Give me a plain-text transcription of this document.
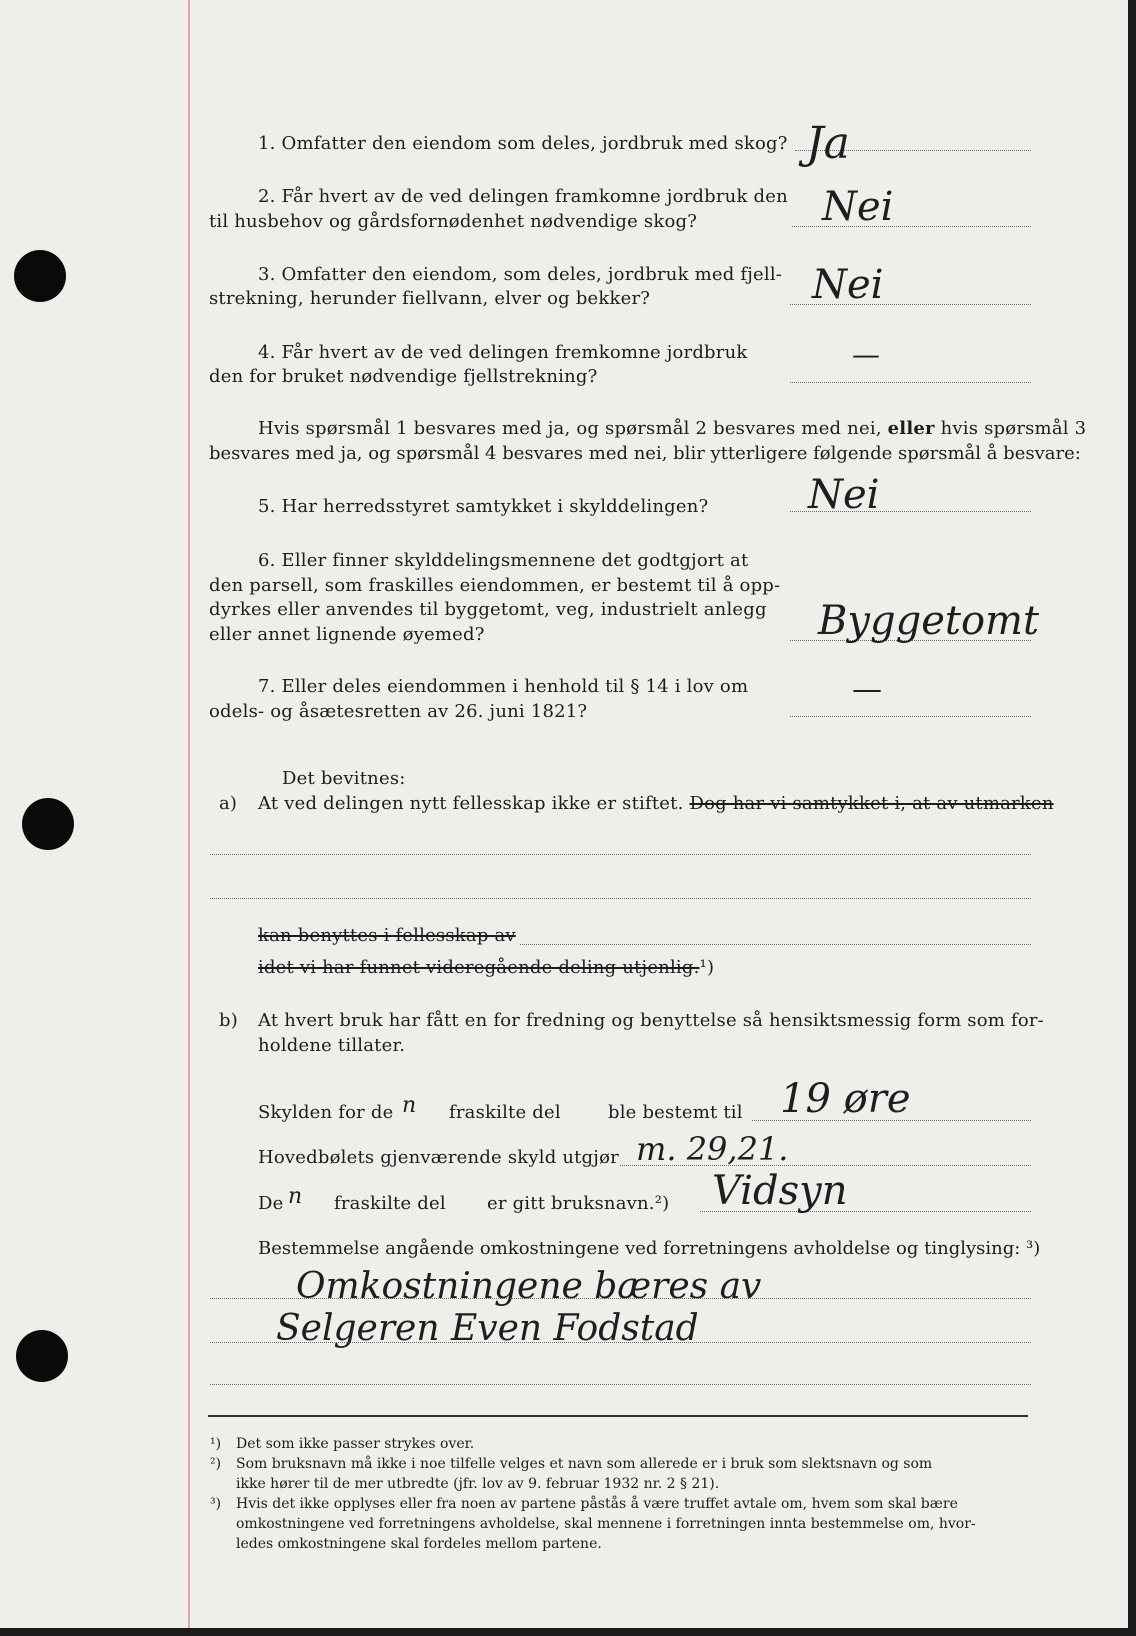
1. Omfatter den eiendom som deles, jordbruk med skog? Ja
2. Får hvert av de ved delingen framkomne jordbruk den
til husbehov og gårdsfornødenhet nødvendige skog?	Nei
3. Omfatter den eiendom, som deles, jordbruk med fjell-
strekning, herunder fiellvann, elver og bekker?	Nei
4. Får hvert av de ved delingen fremkomne jordbruk
den for bruket nødvendige fjellstrekning?
—
Hvis spørsmål 1 besvares med ja, og spørsmål 2 besvares med nei, eller hvis spørsmål 3
besvares med ja, og spørsmål 4 besvares med nei, blir ytterligere følgende spørsmål å besvare:
5. Har herredsstyret samtykket i skylddelingen? Nei
6. Eller finner skylddelingsmennene det godtgjort at
den parsell, som fraskilles eiendommen, er bestemt til å opp-
dyrkes eller anvendes til byggetomt, veg, industrielt anlegg
eller annet lignende øyemed?	Byggetomt
7. Eller deles eiendommen i henhold til § 14 i lov om
odels- og åsætesretten av 26. juni 1821?
—
Det bevitnes:
a) At ved delingen nytt fellesskap ikke er stiftet. Dog har vi samtykket i, at av utmarken
kan benyttes i fellesskap av
idet vi har funnet videregående deling utjenlig.¹)
b) At hvert bruk har fått en for fredning og benyttelse så hensiktsmessig form som for-
holdene tillater.
Skylden for de n fraskilte del	ble bestemt til 19 øre
Hovedbølets gjenværende skyld utgjør m. 29,21.
De n fraskilte del er gitt bruksnavn.²) Vidsyn
Bestemmelse angående omkostningene ved forretningens avholdelse og tinglysing: ³)
Omkostningene bæres av
Selgeren Even Fodstad
¹) Det som ikke passer strykes over.
²) Som bruksnavn må ikke i noe tilfelle velges et navn som allerede er i bruk som slektsnavn og som
ikke hører til de mer utbredte (jfr. lov av 9. februar 1932 nr. 2 § 21).
³) Hvis det ikke opplyses eller fra noen av partene påstås å være truffet avtale om, hvem som skal bære
omkostningene ved forretningens avholdelse, skal mennene i forretningen innta bestemmelse om, hvor-
ledes omkostningene skal fordeles mellom partene.
